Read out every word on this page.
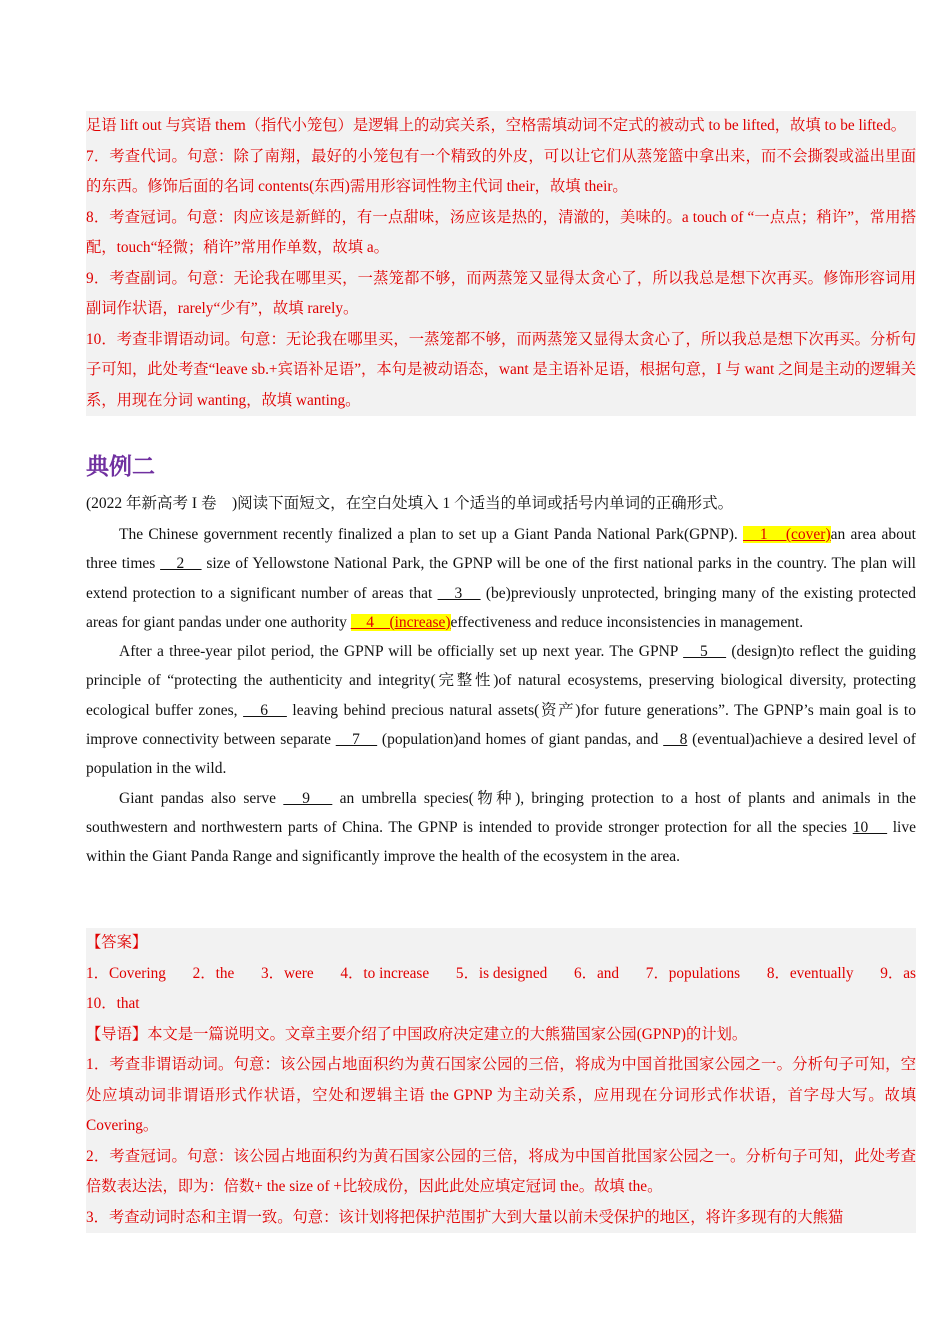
足语 lift out 与宾语 them（指代小笼包）是逻辑上的动宾关系，空格需填动词不定式的被动式 to be lifted，故填 to be lifted。

7．考查代词。句意：除了南翔，最好的小笼包有一个精致的外皮，可以让它们从蒸笼篮中拿出来，而不会撕裂或溢出里面的东西。修饰后面的名词 contents(东西)需用形容词性物主代词 their，故填 their。

8．考查冠词。句意：肉应该是新鲜的，有一点甜味，汤应该是热的，清澈的，美味的。a touch of “一点点；稍许”，常用搭配，touch“轻微；稍许”常用作单数，故填 a。

9．考查副词。句意：无论我在哪里买，一蒸笼都不够，而两蒸笼又显得太贪心了，所以我总是想下次再买。修饰形容词用副词作状语，rarely“少有”，故填 rarely。

10．考查非谓语动词。句意：无论我在哪里买，一蒸笼都不够，而两蒸笼又显得太贪心了，所以我总是想下次再买。分析句子可知，此处考查“leave sb.+宾语补足语”，本句是被动语态，want 是主语补足语，根据句意，I 与 want 之间是主动的逻辑关系，用现在分词 wanting，故填 wanting。

典例二
(2022 年新高考 I 卷　)阅读下面短文，在空白处填入 1 个适当的单词或括号内单词的正确形式。

The Chinese government recently finalized a plan to set up a Giant Panda National Park(GPNP). 　1　(cover)an area about three times 　2　 size of Yellowstone National Park, the GPNP will be one of the first national parks in the country. The plan will extend protection to a significant number of areas that 　3　 (be)previously unprotected, bringing many of the existing protected areas for giant pandas under one authority 　4　(increase)effectiveness and reduce inconsistencies in management.

After a three-year pilot period, the GPNP will be officially set up next year. The GPNP 　5　 (design)to reflect the guiding principle of “protecting the authenticity and integrity(完整性)of natural ecosystems, preserving biological diversity, protecting ecological buffer zones, 　6　 leaving behind precious natural assets(资产)for future generations”. The GPNP’s main goal is to improve connectivity between separate 　7　 (population)and homes of giant pandas, and 　8 (eventual)achieve a desired level of population in the wild.

Giant pandas also serve 　9　 an umbrella species(物种), bringing protection to a host of plants and animals in the southwestern and northwestern parts of China. The GPNP is intended to provide stronger protection for all the species 10　 live within the Giant Panda Range and significantly improve the health of the ecosystem in the area.

【答案】

1．Covering 2．the 3．were 4．to increase 5．is designed 6．and 7．populations 8．eventually 9．as

10．that

【导语】本文是一篇说明文。文章主要介绍了中国政府决定建立的大熊猫国家公园(GPNP)的计划。

1．考查非谓语动词。句意：该公园占地面积约为黄石国家公园的三倍，将成为中国首批国家公园之一。分析句子可知，空处应填动词非谓语形式作状语，空处和逻辑主语 the GPNP 为主动关系，应用现在分词形式作状语，首字母大写。故填 Covering。

2．考查冠词。句意：该公园占地面积约为黄石国家公园的三倍，将成为中国首批国家公园之一。分析句子可知，此处考查倍数表达法，即为：倍数+ the size of +比较成份，因此此处应填定冠词 the。故填 the。

3．考查动词时态和主谓一致。句意：该计划将把保护范围扩大到大量以前未受保护的地区，将许多现有的大熊猫
